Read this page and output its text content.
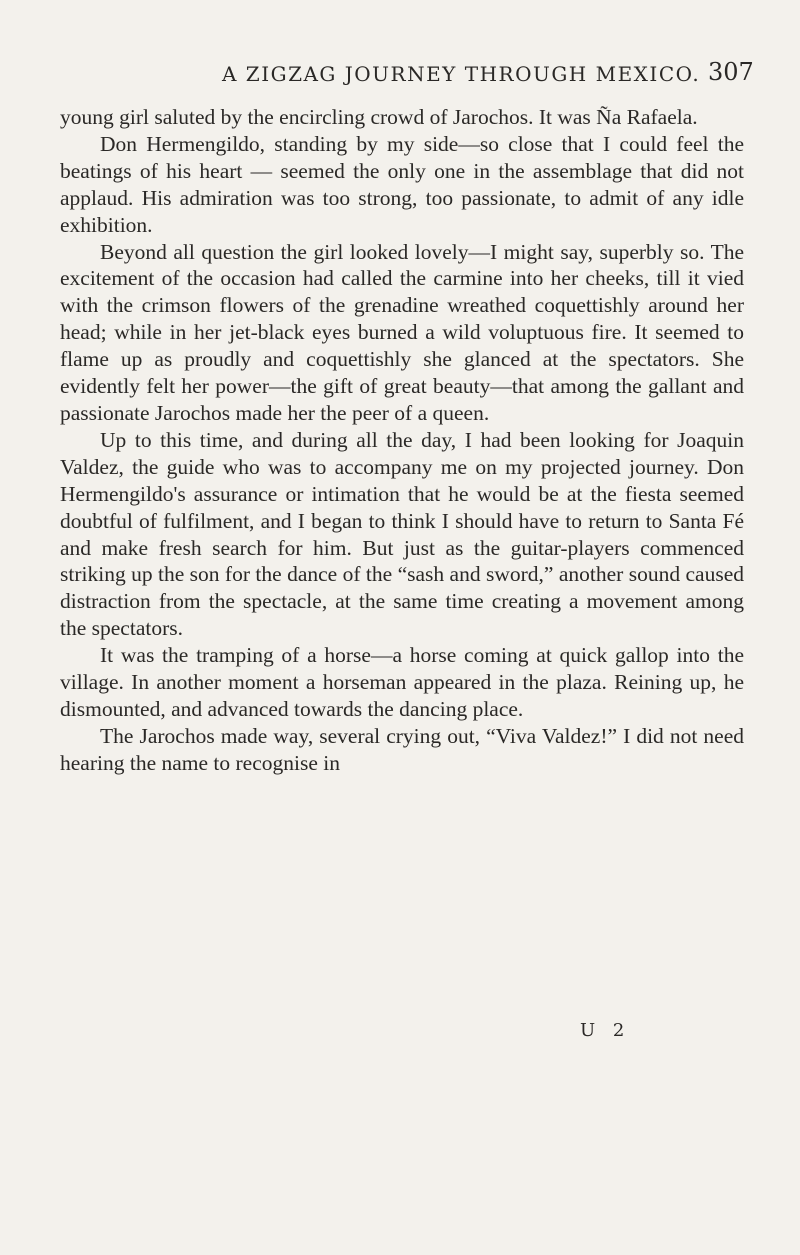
A ZIGZAG JOURNEY THROUGH MEXICO. 307

young girl saluted by the encircling crowd of Jarochos. It was Ña Rafaela.

Don Hermengildo, standing by my side—so close that I could feel the beatings of his heart — seemed the only one in the assemblage that did not applaud. His admiration was too strong, too passionate, to admit of any idle exhibition.

Beyond all question the girl looked lovely—I might say, superbly so. The excitement of the occasion had called the carmine into her cheeks, till it vied with the crimson flowers of the grenadine wreathed coquettishly around her head; while in her jet-black eyes burned a wild voluptuous fire. It seemed to flame up as proudly and coquettishly she glanced at the spectators. She evidently felt her power—the gift of great beauty—that among the gallant and passionate Jarochos made her the peer of a queen.

Up to this time, and during all the day, I had been looking for Joaquin Valdez, the guide who was to accompany me on my projected journey. Don Hermengildo's assurance or intimation that he would be at the fiesta seemed doubtful of fulfilment, and I began to think I should have to return to Santa Fé and make fresh search for him. But just as the guitar-players commenced striking up the son for the dance of the “sash and sword,” another sound caused distraction from the spectacle, at the same time creating a movement among the spectators.

It was the tramping of a horse—a horse coming at quick gallop into the village. In another moment a horseman appeared in the plaza. Reining up, he dismounted, and advanced towards the dancing place.

The Jarochos made way, several crying out, “Viva Valdez!” I did not need hearing the name to recognise in

U 2
